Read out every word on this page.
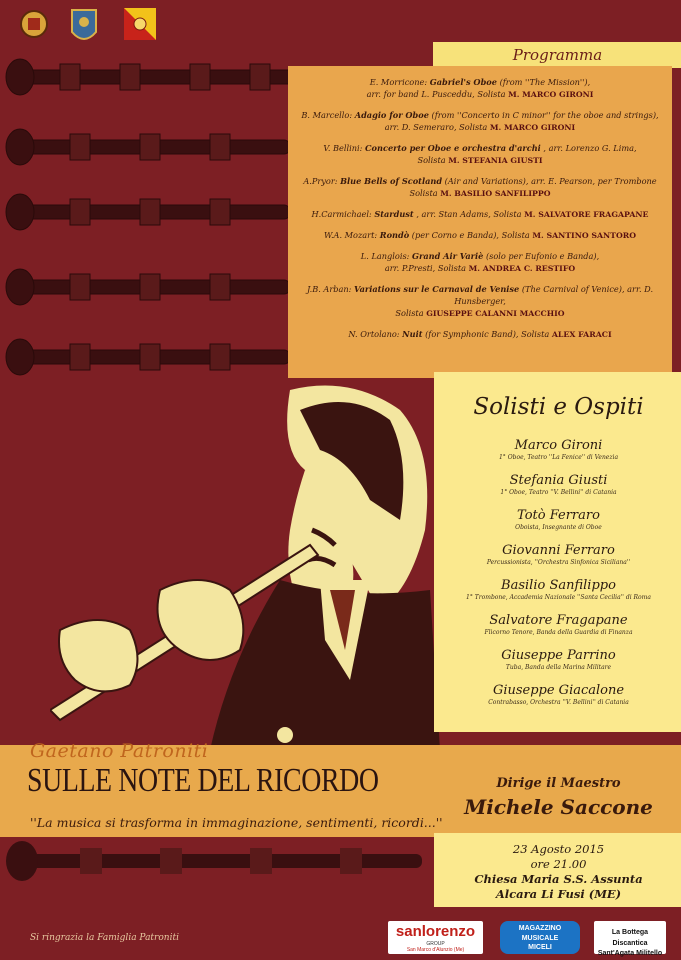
Programma
E. Morricone: Gabriel's Oboe (from ''The Mission''),
arr. for band L. Pusceddu, Solista M. MARCO GIRONI
B. Marcello: Adagio for Oboe (from ''Concerto in C minor'' for the oboe and strings),
arr. D. Semeraro, Solista M. MARCO GIRONI
V. Bellini: Concerto per Oboe e orchestra d'archi , arr. Lorenzo G. Lima,
Solista M. STEFANIA GIUSTI
A.Pryor: Blue Bells of Scotland (Air and Variations), arr. E. Pearson, per Trombone
Solista M. BASILIO SANFILIPPO
H.Carmichael: Stardust , arr. Stan Adams, Solista M. SALVATORE FRAGAPANE
W.A. Mozart: Rondò (per Corno e Banda), Solista M. SANTINO SANTORO
L. Langlois: Grand Air Variè (solo per Eufonio e Banda),
arr. P.Presti, Solista M. ANDREA C. RESTIFO
J.B. Arban: Variations sur le Carnaval de Venise (The Carnival of Venice), arr. D. Hunsberger,
Solista GIUSEPPE CALANNI MACCHIO
N. Ortolano: Nuit (for Symphonic Band), Solista ALEX FARACI
Solisti e Ospiti
Marco Gironi
1° Oboe, Teatro ''La Fenice'' di Venezia
Stefania Giusti
1° Oboe, Teatro ''V. Bellini'' di Catania
Totò Ferraro
Oboista, Insegnante di Oboe
Giovanni Ferraro
Percussionista, ''Orchestra Sinfonica Siciliana''
Basilio Sanfilippo
1° Trombone, Accademia Nazionale ''Santa Cecilia'' di Roma
Salvatore Fragapane
Flicorno Tenore, Banda della Guardia di Finanza
Giuseppe Parrino
Tuba, Banda della Marina Militare
Giuseppe Giacalone
Contrabasso, Orchestra ''V. Bellini'' di Catania
Gaetano Patroniti
SULLE NOTE DEL RICORDO
''La musica si trasforma in immaginazione, sentimenti, ricordi...''
Dirige il Maestro
Michele Saccone
23 Agosto 2015
ore 21.00
Chiesa Maria S.S. Assunta
Alcara Li Fusi (ME)
Si ringrazia la Famiglia Patroniti	sanlorenzo
GROUP
San Marco d'Alunzio (Me)
MAGAZZINO
MUSICALE
MICELI
La Bottega Discantica
Sant'Agata Militello
